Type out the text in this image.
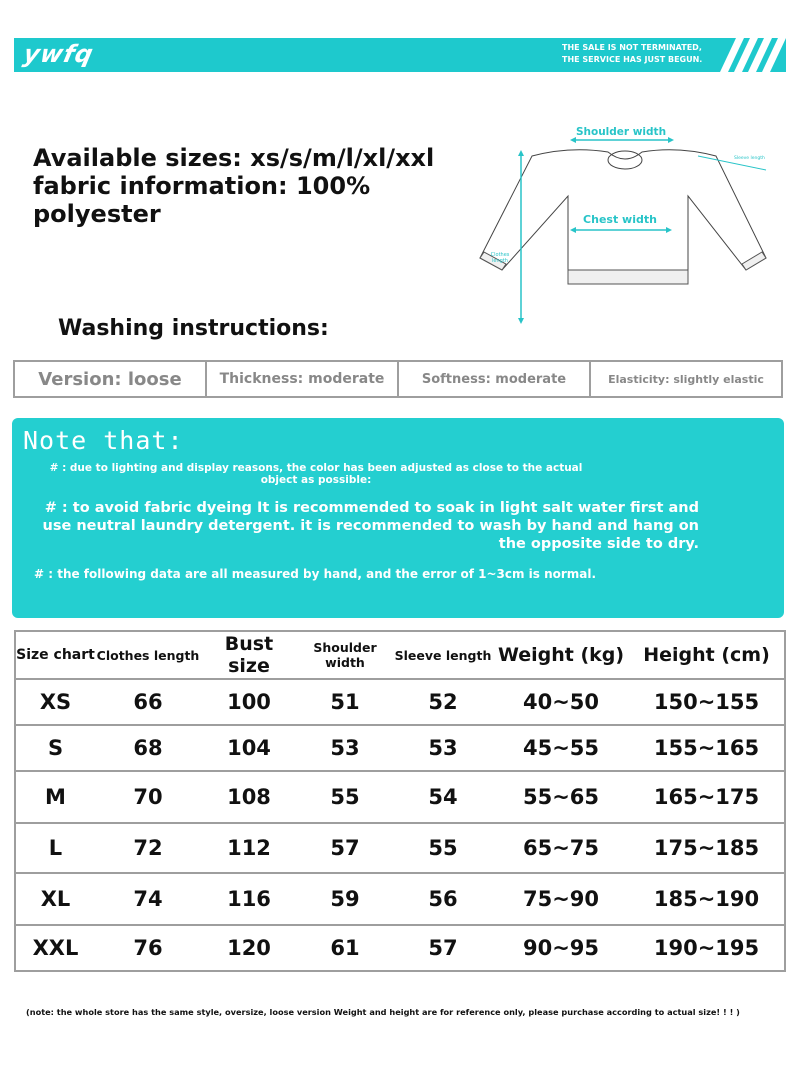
ywfq	THE SALE IS NOT TERMINATED,
THE SERVICE HAS JUST BEGUN.
Available sizes: xs/s/m/l/xl/xxl
fabric information: 100% polyester
Washing instructions:
Shoulder width
Chest width
Clothes
length
Sleeve length
Version: loose	Thickness: moderate	Softness: moderate	Elasticity: slightly elastic
Note that:
# : due to lighting and display reasons, the color has been adjusted as close to the actual object as possible:
# : to avoid fabric dyeing It is recommended to soak in light salt water first and
use neutral laundry detergent. it is recommended to wash by hand and hang on
the opposite side to dry.
# : the following data are all measured by hand, and the error of 1~3cm is normal.
Size chart	Clothes length	Bust size	Shoulder width	Sleeve length	Weight (kg)	Height (cm)
XS	66	100	51	52	40~50	150~155
S	68	104	53	53	45~55	155~165
M	70	108	55	54	55~65	165~175
L	72	112	57	55	65~75	175~185
XL	74	116	59	56	75~90	185~190
XXL	76	120	61	57	90~95	190~195
(note: the whole store has the same style, oversize, loose version Weight and height are for reference only, please purchase according to actual size! ! ! )
